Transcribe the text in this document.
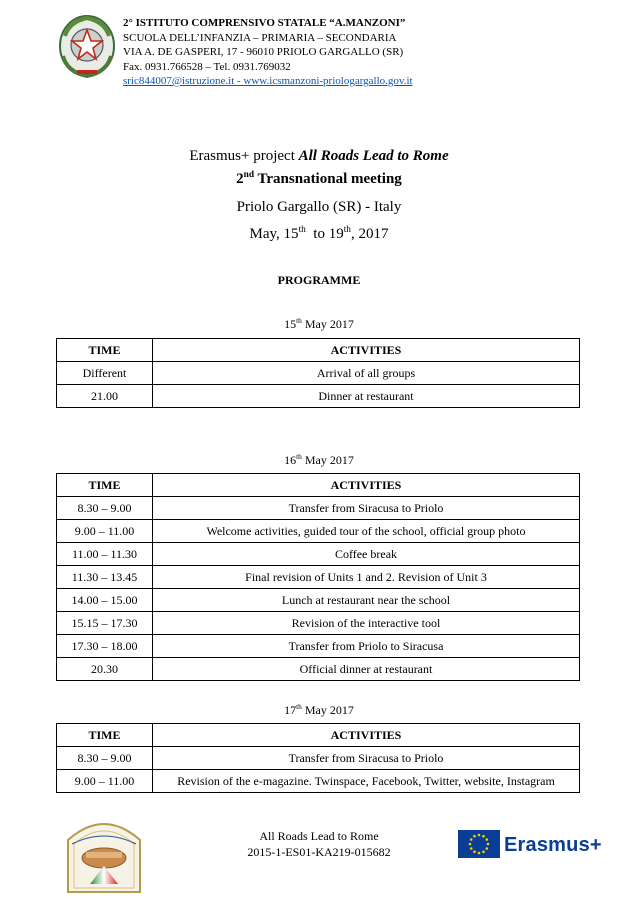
2° ISTITUTO COMPRENSIVO STATALE “A.MANZONI”
SCUOLA DELL’INFANZIA – PRIMARIA – SECONDARIA
VIA A. DE GASPERI, 17 - 96010 PRIOLO GARGALLO (SR)
Fax. 0931.766528 – Tel. 0931.769032
sric844007@istruzione.it - www.icsmanzoni-priologargallo.gov.it
Erasmus+ project All Roads Lead to Rome
2nd Transnational meeting
Priolo Gargallo (SR) - Italy
May, 15th  to 19th, 2017
PROGRAMME
15th May 2017
TIME	ACTIVITIES
Different	Arrival of all groups
21.00	Dinner at restaurant
16th May 2017
TIME	ACTIVITIES
8.30 – 9.00	Transfer from Siracusa to Priolo
9.00 – 11.00	Welcome activities, guided tour of the school, official group photo
11.00 – 11.30	Coffee break
11.30 – 13.45	Final revision of Units 1 and 2. Revision of Unit 3
14.00 – 15.00	Lunch at restaurant near the school
15.15 – 17.30	Revision of the interactive tool
17.30 – 18.00	Transfer from Priolo to Siracusa
20.30	Official dinner at restaurant
17th May 2017
TIME	ACTIVITIES
8.30 – 9.00	Transfer from Siracusa to Priolo
9.00 – 11.00	Revision of the e-magazine. Twinspace, Facebook, Twitter, website, Instagram
All Roads Lead to Rome
2015-1-ES01-KA219-015682	Erasmus+
